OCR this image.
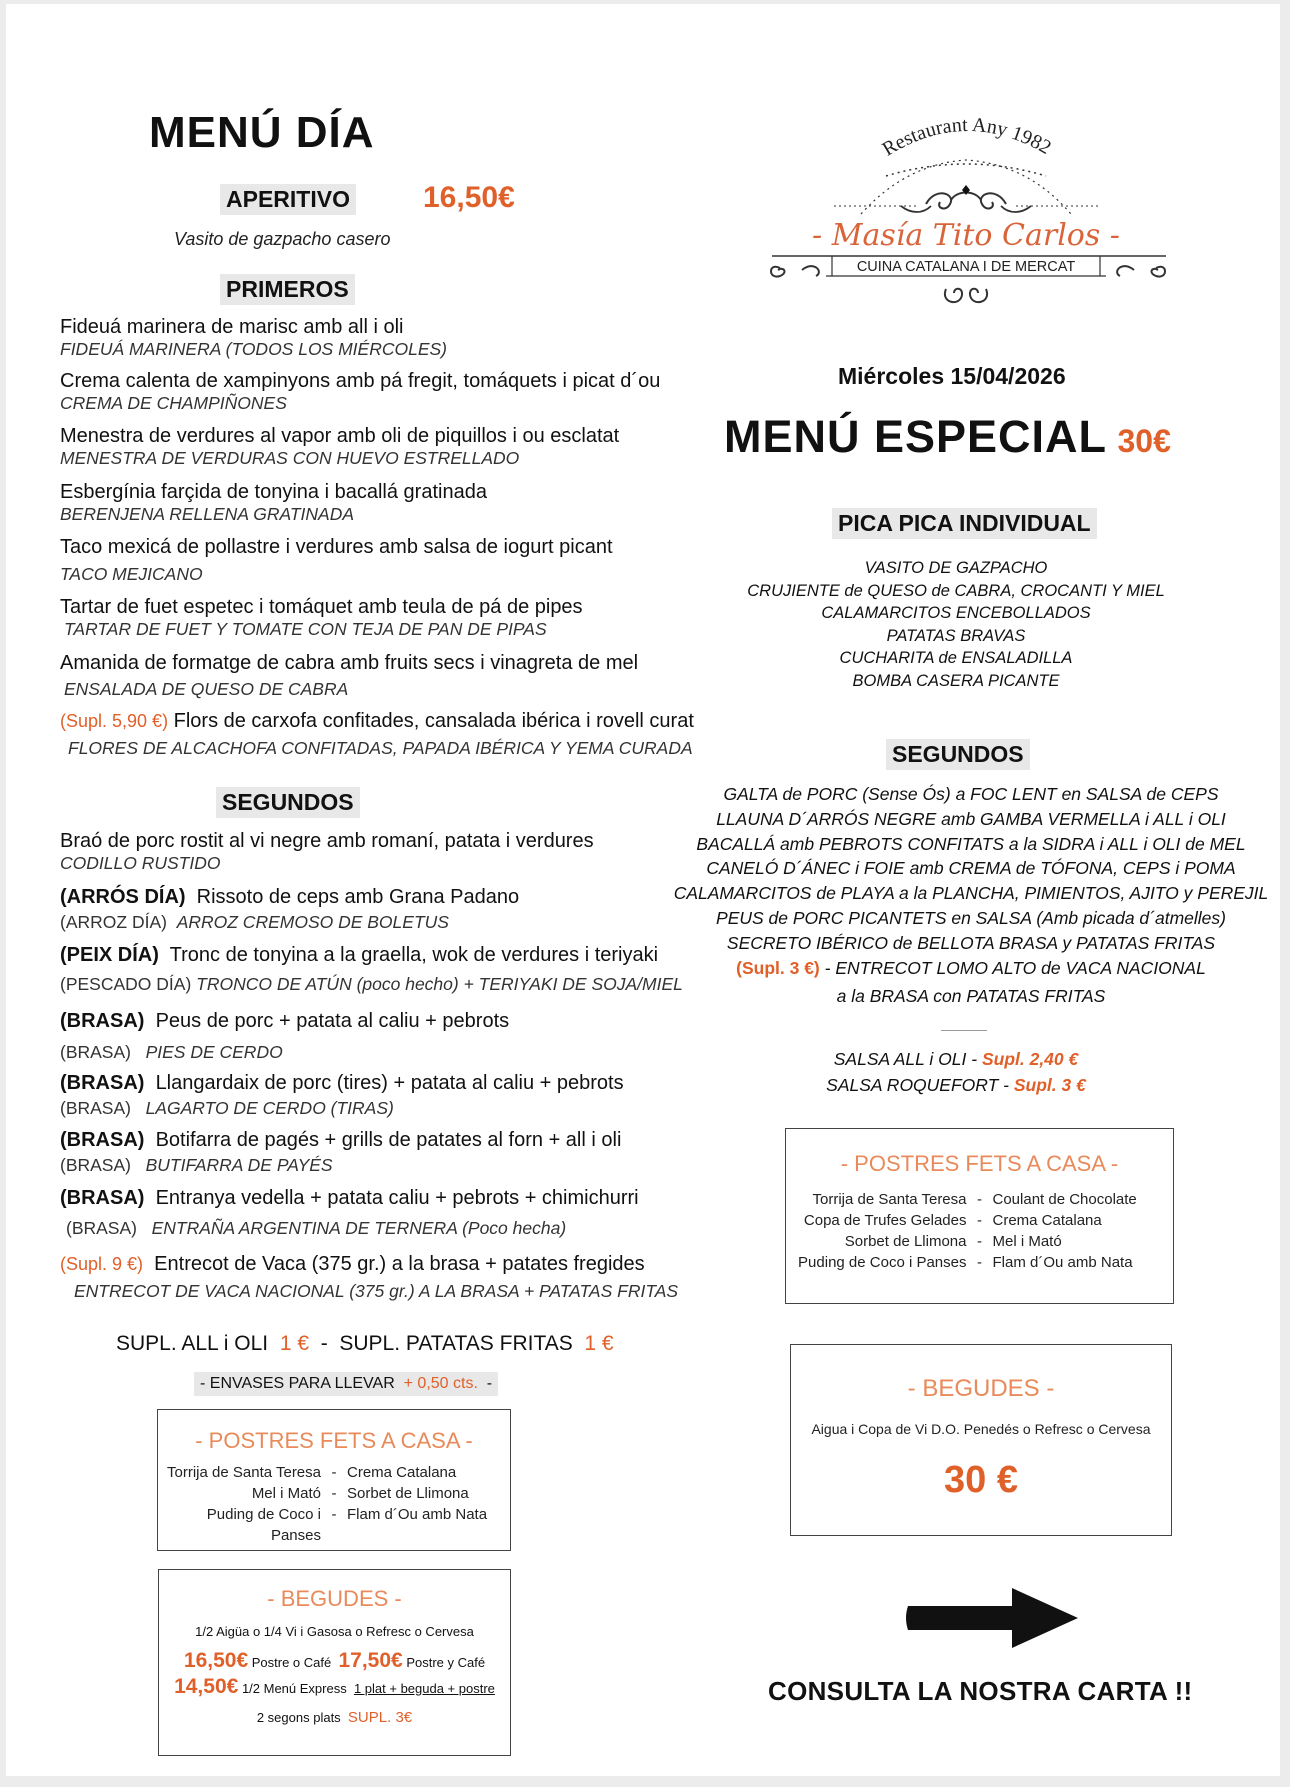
MENÚ DÍA
APERITIVO 16,50€
Vasito de gazpacho casero
PRIMEROS
Fideuá marinera de marisc amb all i oli
FIDEUÁ MARINERA (TODOS LOS MIÉRCOLES)
Crema calenta de xampinyons amb pá fregit, tomáquets i picat d´ou
CREMA DE CHAMPIÑONES
Menestra de verdures al vapor amb oli de piquillos i ou esclatat
MENESTRA DE VERDURAS CON HUEVO ESTRELLADO
Esbergínia farçida de tonyina i bacallá gratinada
BERENJENA RELLENA GRATINADA
Taco mexicá de pollastre i verdures amb salsa de iogurt picant
TACO MEJICANO
Tartar de fuet espetec i tomáquet amb teula de pá de pipes
TARTAR DE FUET Y TOMATE CON TEJA DE PAN DE PIPAS
Amanida de formatge de cabra amb fruits secs i vinagreta de mel
ENSALADA DE QUESO DE CABRA
(Supl. 5,90 €) Flors de carxofa confitades, cansalada ibérica i rovell curat
FLORES DE ALCACHOFA CONFITADAS, PAPADA IBÉRICA Y YEMA CURADA
SEGUNDOS
Braó de porc rostit al vi negre amb romaní, patata i verdures
CODILLO RUSTIDO
(ARRÓS DÍA) Rissoto de ceps amb Grana Padano
(ARROZ DÍA) ARROZ CREMOSO DE BOLETUS
(PEIX DÍA) Tronc de tonyina a la graella, wok de verdures i teriyaki
(PESCADO DÍA) TRONCO DE ATÚN (poco hecho) + TERIYAKI DE SOJA/MIEL
(BRASA) Peus de porc + patata al caliu + pebrots
(BRASA) PIES DE CERDO
(BRASA) Llangardaix de porc (tires) + patata al caliu + pebrots
(BRASA) LAGARTO DE CERDO (TIRAS)
(BRASA) Botifarra de pagés + grills de patates al forn + all i oli
(BRASA) BUTIFARRA DE PAYÉS
(BRASA) Entranya vedella + patata caliu + pebrots + chimichurri
(BRASA) ENTRAÑA ARGENTINA DE TERNERA (Poco hecha)
(Supl. 9 €) Entrecot de Vaca (375 gr.) a la brasa + patates fregides
ENTRECOT DE VACA NACIONAL (375 gr.) A LA BRASA + PATATAS FRITAS
SUPL. ALL i OLI 1 € - SUPL. PATATAS FRITAS 1 €
- ENVASES PARA LLEVAR + 0,50 cts. -
- POSTRES FETS A CASA -
Torrija de Santa Teresa - Crema Catalana
Mel i Mató - Sorbet de Llimona
Puding de Coco i Panses
- Flam d´Ou amb Nata
- BEGUDES -
1/2 Aigüa o 1/4 Vi i Gasosa o Refresc o Cervesa
16,50€ Postre o Café 17,50€ Postre y Café
14,50€ 1/2 Menú Express 1 plat + beguda + postre
2 segons plats SUPL. 3€
Restaurant Any 1982
- Masía Tito Carlos -
CUINA CATALANA I DE MERCAT
Miércoles 15/04/2026
MENÚ ESPECIAL 30€
PICA PICA INDIVIDUAL
VASITO DE GAZPACHO
CRUJIENTE de QUESO de CABRA, CROCANTI Y MIEL
CALAMARCITOS ENCEBOLLADOS
PATATAS BRAVAS
CUCHARITA de ENSALADILLA
BOMBA CASERA PICANTE
SEGUNDOS
GALTA de PORC (Sense Ós) a FOC LENT en SALSA de CEPS
LLAUNA D´ARRÓS NEGRE amb GAMBA VERMELLA i ALL i OLI
BACALLÁ amb PEBROTS CONFITATS a la SIDRA i ALL i OLI de MEL
CANELÓ D´ÁNEC i FOIE amb CREMA de TÓFONA, CEPS i POMA
CALAMARCITOS de PLAYA a la PLANCHA, PIMIENTOS, AJITO y PEREJIL
PEUS de PORC PICANTETS en SALSA (Amb picada d´atmelles)
SECRETO IBÉRICO de BELLOTA BRASA y PATATAS FRITAS
(Supl. 3 €) - ENTRECOT LOMO ALTO de VACA NACIONAL
a la BRASA con PATATAS FRITAS
SALSA ALL i OLI - Supl. 2,40 €
SALSA ROQUEFORT - Supl. 3 €
- POSTRES FETS A CASA -
Torrija de Santa Teresa - Coulant de Chocolate
Copa de Trufes Gelades - Crema Catalana
Sorbet de Llimona - Mel i Mató
Puding de Coco i Panses - Flam d´Ou amb Nata
- BEGUDES -
Aigua i Copa de Vi D.O. Penedés o Refresc o Cervesa
30 €
CONSULTA LA NOSTRA CARTA !!
